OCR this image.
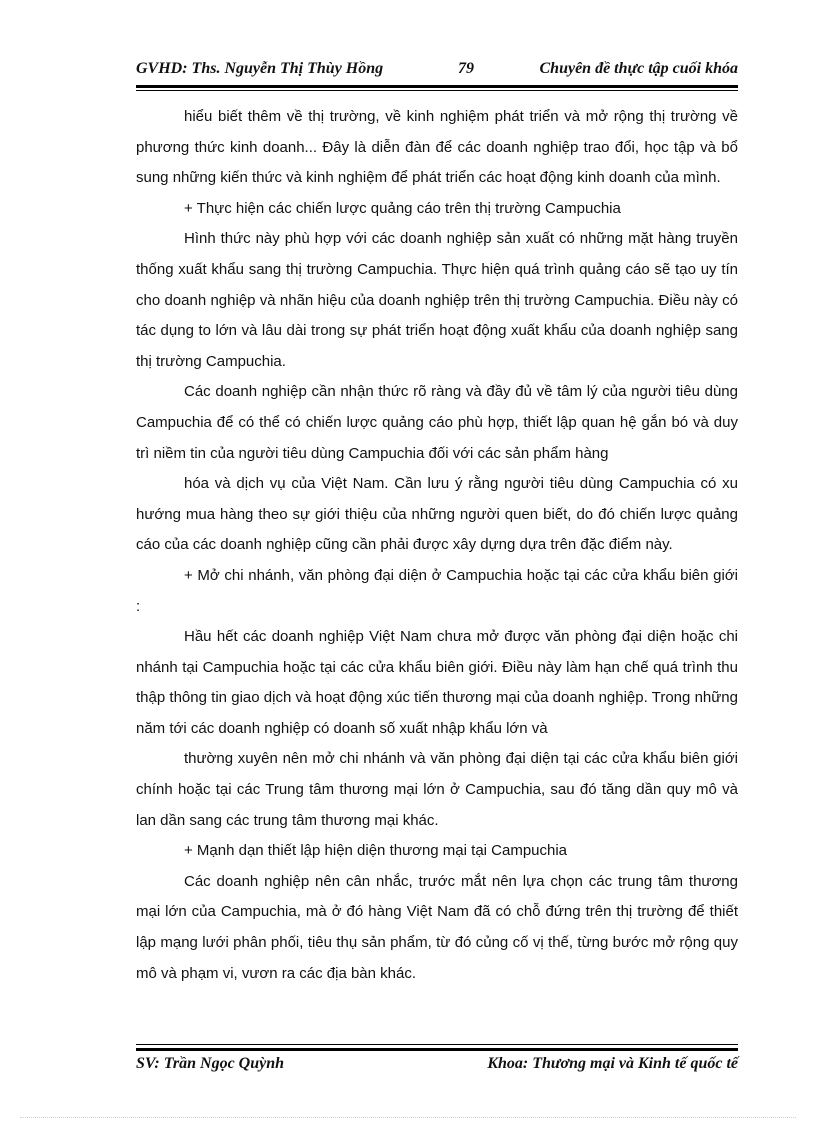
GVHD: Ths. Nguyễn Thị Thùy Hồng	79	Chuyên đề thực tập cuối khóa

hiểu biết thêm về thị trường, về kinh nghiệm phát triển và mở rộng thị trường về phương thức kinh doanh... Đây là diễn đàn để các doanh nghiệp trao đổi, học tập và bổ sung những kiến thức và kinh nghiệm để phát triển các hoạt động kinh doanh của mình.

+ Thực hiện các chiến lược quảng cáo trên thị trường Campuchia

Hình thức này phù hợp với các doanh nghiệp sản xuất có những mặt hàng truyền thống xuất khẩu sang thị trường Campuchia. Thực hiện quá trình quảng cáo sẽ tạo uy tín cho doanh nghiệp và nhãn hiệu của doanh nghiệp trên thị trường Campuchia. Điều này có tác dụng to lớn và lâu dài trong sự phát triển hoạt động xuất khẩu của doanh nghiệp sang thị trường Campuchia.

Các doanh nghiệp cần nhận thức rõ ràng và đầy đủ về tâm lý của người tiêu dùng Campuchia để có thể có chiến lược quảng cáo phù hợp, thiết lập quan hệ gắn bó và duy trì niềm tin của người tiêu dùng Campuchia đối với các sản phẩm hàng

hóa và dịch vụ của Việt Nam. Cần lưu ý rằng người tiêu dùng Campuchia có xu hướng mua hàng theo sự giới thiệu của những người quen biết, do đó chiến lược quảng cáo của các doanh nghiệp cũng cần phải được xây dựng dựa trên đặc điểm này.

+ Mở chi nhánh, văn phòng đại diện ở Campuchia hoặc tại các cửa khẩu biên giới :

Hầu hết các doanh nghiệp Việt Nam chưa mở được văn phòng đại diện hoặc chi nhánh tại Campuchia hoặc tại các cửa khẩu biên giới. Điều này làm hạn chế quá trình thu thập thông tin giao dịch và hoạt động xúc tiến thương mại của doanh nghiệp. Trong những năm tới các doanh nghiệp có doanh số xuất nhập khẩu lớn và

thường xuyên nên mở chi nhánh và văn phòng đại diện tại các cửa khẩu biên giới chính hoặc tại các Trung tâm thương mại lớn ở Campuchia, sau đó tăng dần quy mô và lan dần sang các trung tâm thương mại khác.

+ Mạnh dạn thiết lập hiện diện thương mại tại Campuchia

Các doanh nghiệp nên cân nhắc, trước mắt nên lựa chọn các trung tâm thương mại lớn của Campuchia, mà ở đó hàng Việt Nam đã có chỗ đứng trên thị trường để thiết lập mạng lưới phân phối, tiêu thụ sản phẩm, từ đó củng cố vị thế, từng bước mở rộng quy mô và phạm vi, vươn ra các địa bàn khác.

SV: Trần Ngọc Quỳnh	Khoa: Thương mại và Kinh tế quốc tế
